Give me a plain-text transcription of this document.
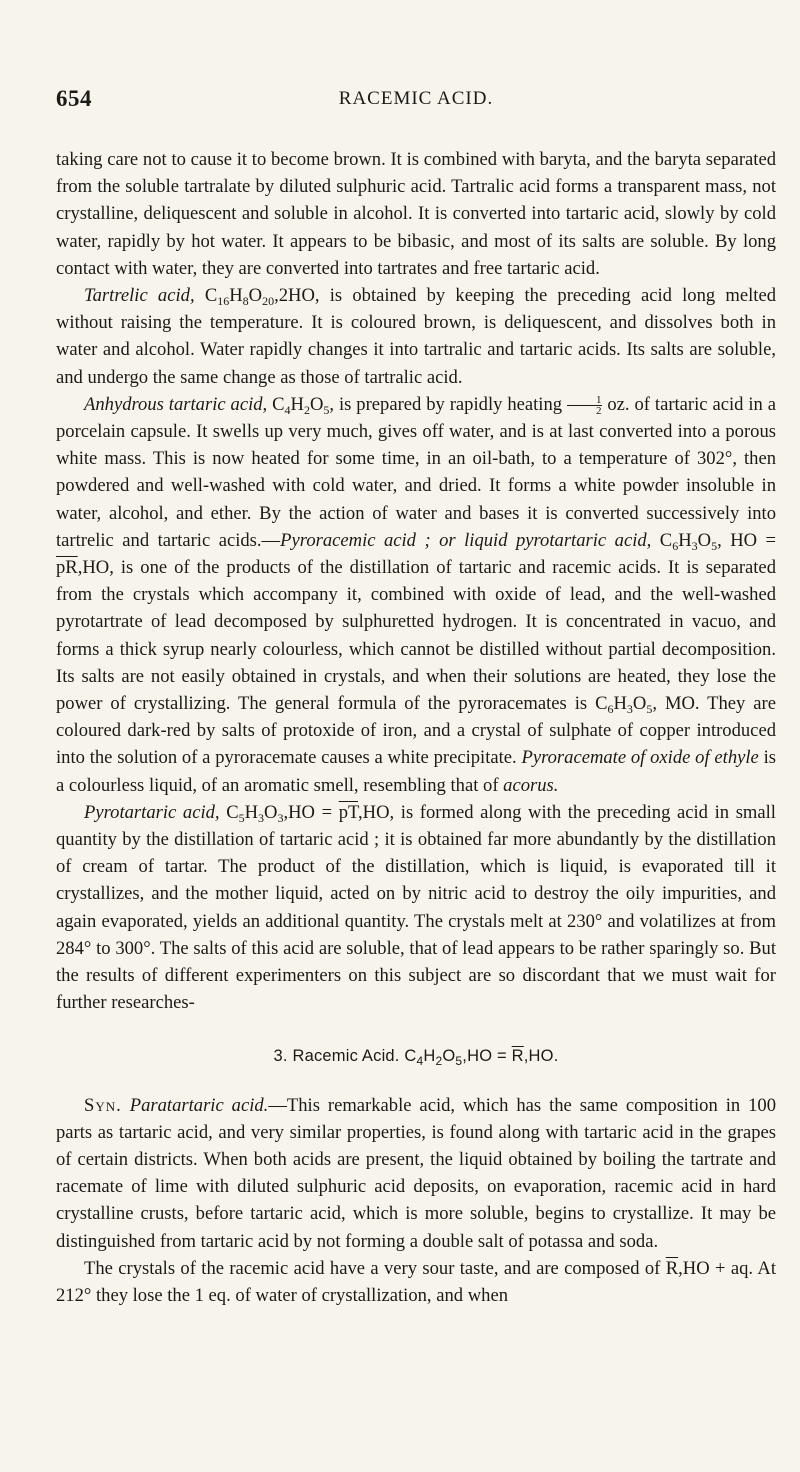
654	RACEMIC ACID.

taking care not to cause it to become brown. It is combined with baryta, and the baryta separated from the soluble tartralate by diluted sulphuric acid. Tartralic acid forms a transparent mass, not crystalline, deliquescent and soluble in alcohol. It is converted into tartaric acid, slowly by cold water, rapidly by hot water. It appears to be bibasic, and most of its salts are soluble. By long contact with water, they are converted into tartrates and free tartaric acid.

Tartrelic acid, $C_{16}H_8O_{20},2HO$, is obtained by keeping the preceding acid long melted without raising the temperature. It is coloured brown, is deliquescent, and dissolves both in water and alcohol. Water rapidly changes it into tartralic and tartaric acids. Its salts are soluble, and undergo the same change as those of tartralic acid.

Anhydrous tartaric acid, $C_4H_2O_5$, is prepared by rapidly heating $\frac{1}{2}$ oz. of tartaric acid in a porcelain capsule. It swells up very much, gives off water, and is at last converted into a porous white mass. This is now heated for some time, in an oil-bath, to a temperature of 302°, then powdered and well-washed with cold water, and dried. It forms a white powder insoluble in water, alcohol, and ether. By the action of water and bases it is converted successively into tartrelic and tartaric acids.—Pyroracemic acid ; or liquid pyrotartaric acid, $C_6H_3O_5$, HO = $\overline{pR},HO$, is one of the products of the distillation of tartaric and racemic acids. It is separated from the crystals which accompany it, combined with oxide of lead, and the well-washed pyrotartrate of lead decomposed by sulphuretted hydrogen. It is concentrated in vacuo, and forms a thick syrup nearly colourless, which cannot be distilled without partial decomposition. Its salts are not easily obtained in crystals, and when their solutions are heated, they lose the power of crystallizing. The general formula of the pyroracemates is $C_6H_3O_5$, MO. They are coloured dark-red by salts of protoxide of iron, and a crystal of sulphate of copper introduced into the solution of a pyroracemate causes a white precipitate. Pyroracemate of oxide of ethyle is a colourless liquid, of an aromatic smell, resembling that of acorus.

Pyrotartaric acid, $C_5H_3O_3,HO = \overline{pT},HO$, is formed along with the preceding acid in small quantity by the distillation of tartaric acid ; it is obtained far more abundantly by the distillation of cream of tartar. The product of the distillation, which is liquid, is evaporated till it crystallizes, and the mother liquid, acted on by nitric acid to destroy the oily impurities, and again evaporated, yields an additional quantity. The crystals melt at 230° and volatilizes at from 284° to 300°. The salts of this acid are soluble, that of lead appears to be rather sparingly so. But the results of different experimenters on this subject are so discordant that we must wait for further researches-

3. Racemic Acid. $C_4H_2O_5,HO = \overline{R},HO$.

Syn. Paratartaric acid.—This remarkable acid, which has the same composition in 100 parts as tartaric acid, and very similar properties, is found along with tartaric acid in the grapes of certain districts. When both acids are present, the liquid obtained by boiling the tartrate and racemate of lime with diluted sulphuric acid deposits, on evaporation, racemic acid in hard crystalline crusts, before tartaric acid, which is more soluble, begins to crystallize. It may be distinguished from tartaric acid by not forming a double salt of potassa and soda.

The crystals of the racemic acid have a very sour taste, and are composed of $\overline{R},HO$ + aq. At 212° they lose the 1 eq. of water of crystallization, and when
